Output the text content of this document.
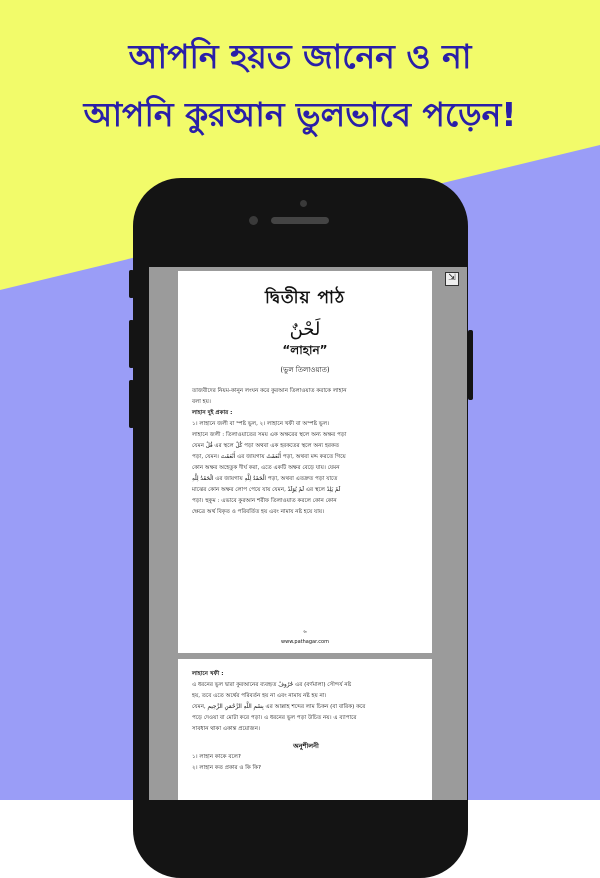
আপনি হয়ত জানেন ও না
আপনি কুরআন ভুলভাবে পড়েন!
⇲
দ্বিতীয় পাঠ
لَحْنٌ
“লাহান”
(ভুল তিলাওয়াত)
তাজবীদের নিয়ম-কানুন লংঘন করে কুরআন তিলাওয়াত করাকে লাহান
বলা হয়।
লাহান দুই প্রকার :
১। লাহানে জলী বা স্পষ্ট ভুল, ২। লাহানে খফী বা অস্পষ্ট ভুল।
লাহানে জলী : তিলাওয়াতের সময় এক অক্ষরের স্থলে অন্য অক্ষর পড়া
যেমন قُلْ এর স্থলে كُلْ পড়া অথবা এক হরকতের স্থলে অন্য হরকত
পড়া, যেমন। أَنْعَمْتَ এর জায়গায় أَنْعَمْتُ পড়া, অথবা মদ্দ করতে গিয়ে
কোন অক্ষর অহেতুক দীর্ঘ করা, এতে একটি অক্ষর বেড়ে যায়। যেমন
الْحَمْدُ لِلَّهِ এর জায়গায় الْحَمْدُ لِلَّهِ পড়া, অথবা এতদ্রুত পড়া যাতে
মাঝের কোন অক্ষর লোপ পেয়ে যায় যেমন, لَمْ يُوَلَدْ এর স্থলে لَمْ يَلِدْ
পড়া। হুকুম : এভাবে কুরআন শরীফ তিলাওয়াত করলে কোন কোন
ক্ষেত্রে অর্থ বিকৃত ও পরিবর্তিত হয় এবং নামায নষ্ট হয়ে যায়।
৬
www.pathagar.com
লাহানে খফী :
এ ধরনের ভুল দ্বারা কুরআনের ব্যবহৃত حُرُوفْ এর (বর্ণমালা) সৌন্দর্য নষ্ট
হয়, তবে এতে অর্থের পরিবর্তন হয় না এবং নামায নষ্ট হয় না।
যেমন, بِسْمِ اللَّهِ الرَّحْمَنِ الرَّحِيمِ এর আল্লাহ শব্দের লাম চিকন (বা বারিক) করে
পড়ে দেওয়া বা মোটা করে পড়া। এ ধরনের ভুল পড়া উচিত নয়। এ ব্যাপারে
সাবধান থাকা একান্ত প্রয়োজন।
অনুশীলনী
১। লাহান কাকে বলে?
২। লাহান কত প্রকার ও কি কি?
